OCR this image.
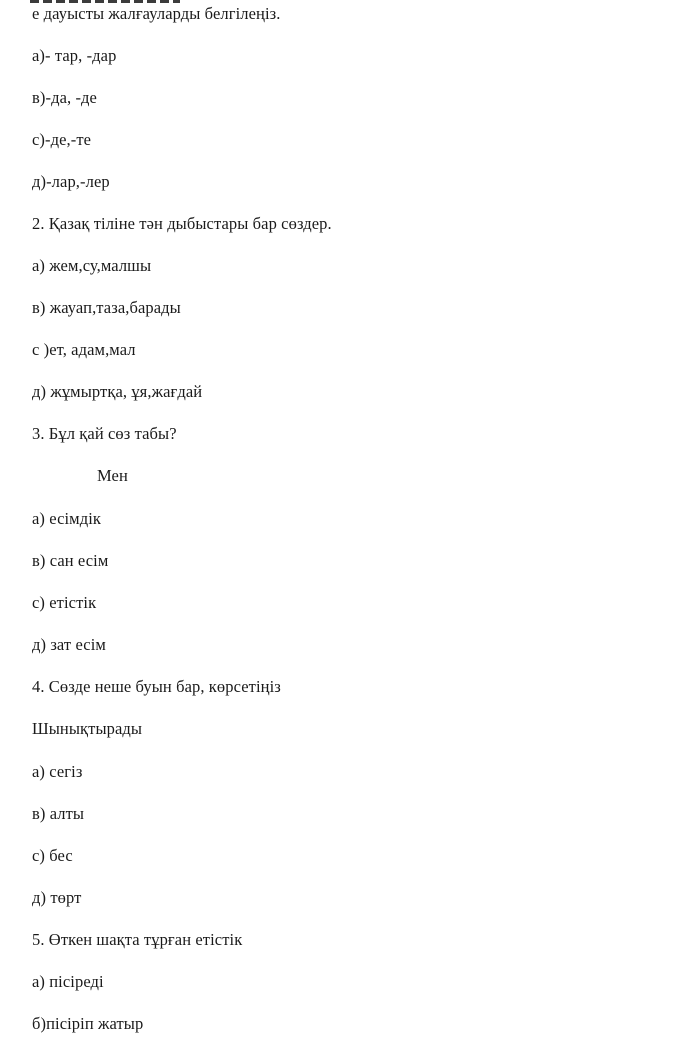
е дауысты жалғауларды белгілеңіз.
а)- тар, -дар
в)-да, -де
с)-де,-те
д)-лар,-лер
2. Қазақ тіліне тән дыбыстары бар сөздер.
а) жем,су,малшы
в) жауап,таза,барады
с )ет, адам,мал
д) жұмыртқа, ұя,жағдай
3. Бұл қай сөз табы?
Мен
а) есімдік
в) сан есім
с) етістік
д) зат есім
4. Сөзде неше буын бар, көрсетіңіз
Шынықтырады
а) сегіз
в) алты
с) бес
д) төрт
5. Өткен шақта тұрған етістік
а) пісіреді
б)пісіріп жатыр
